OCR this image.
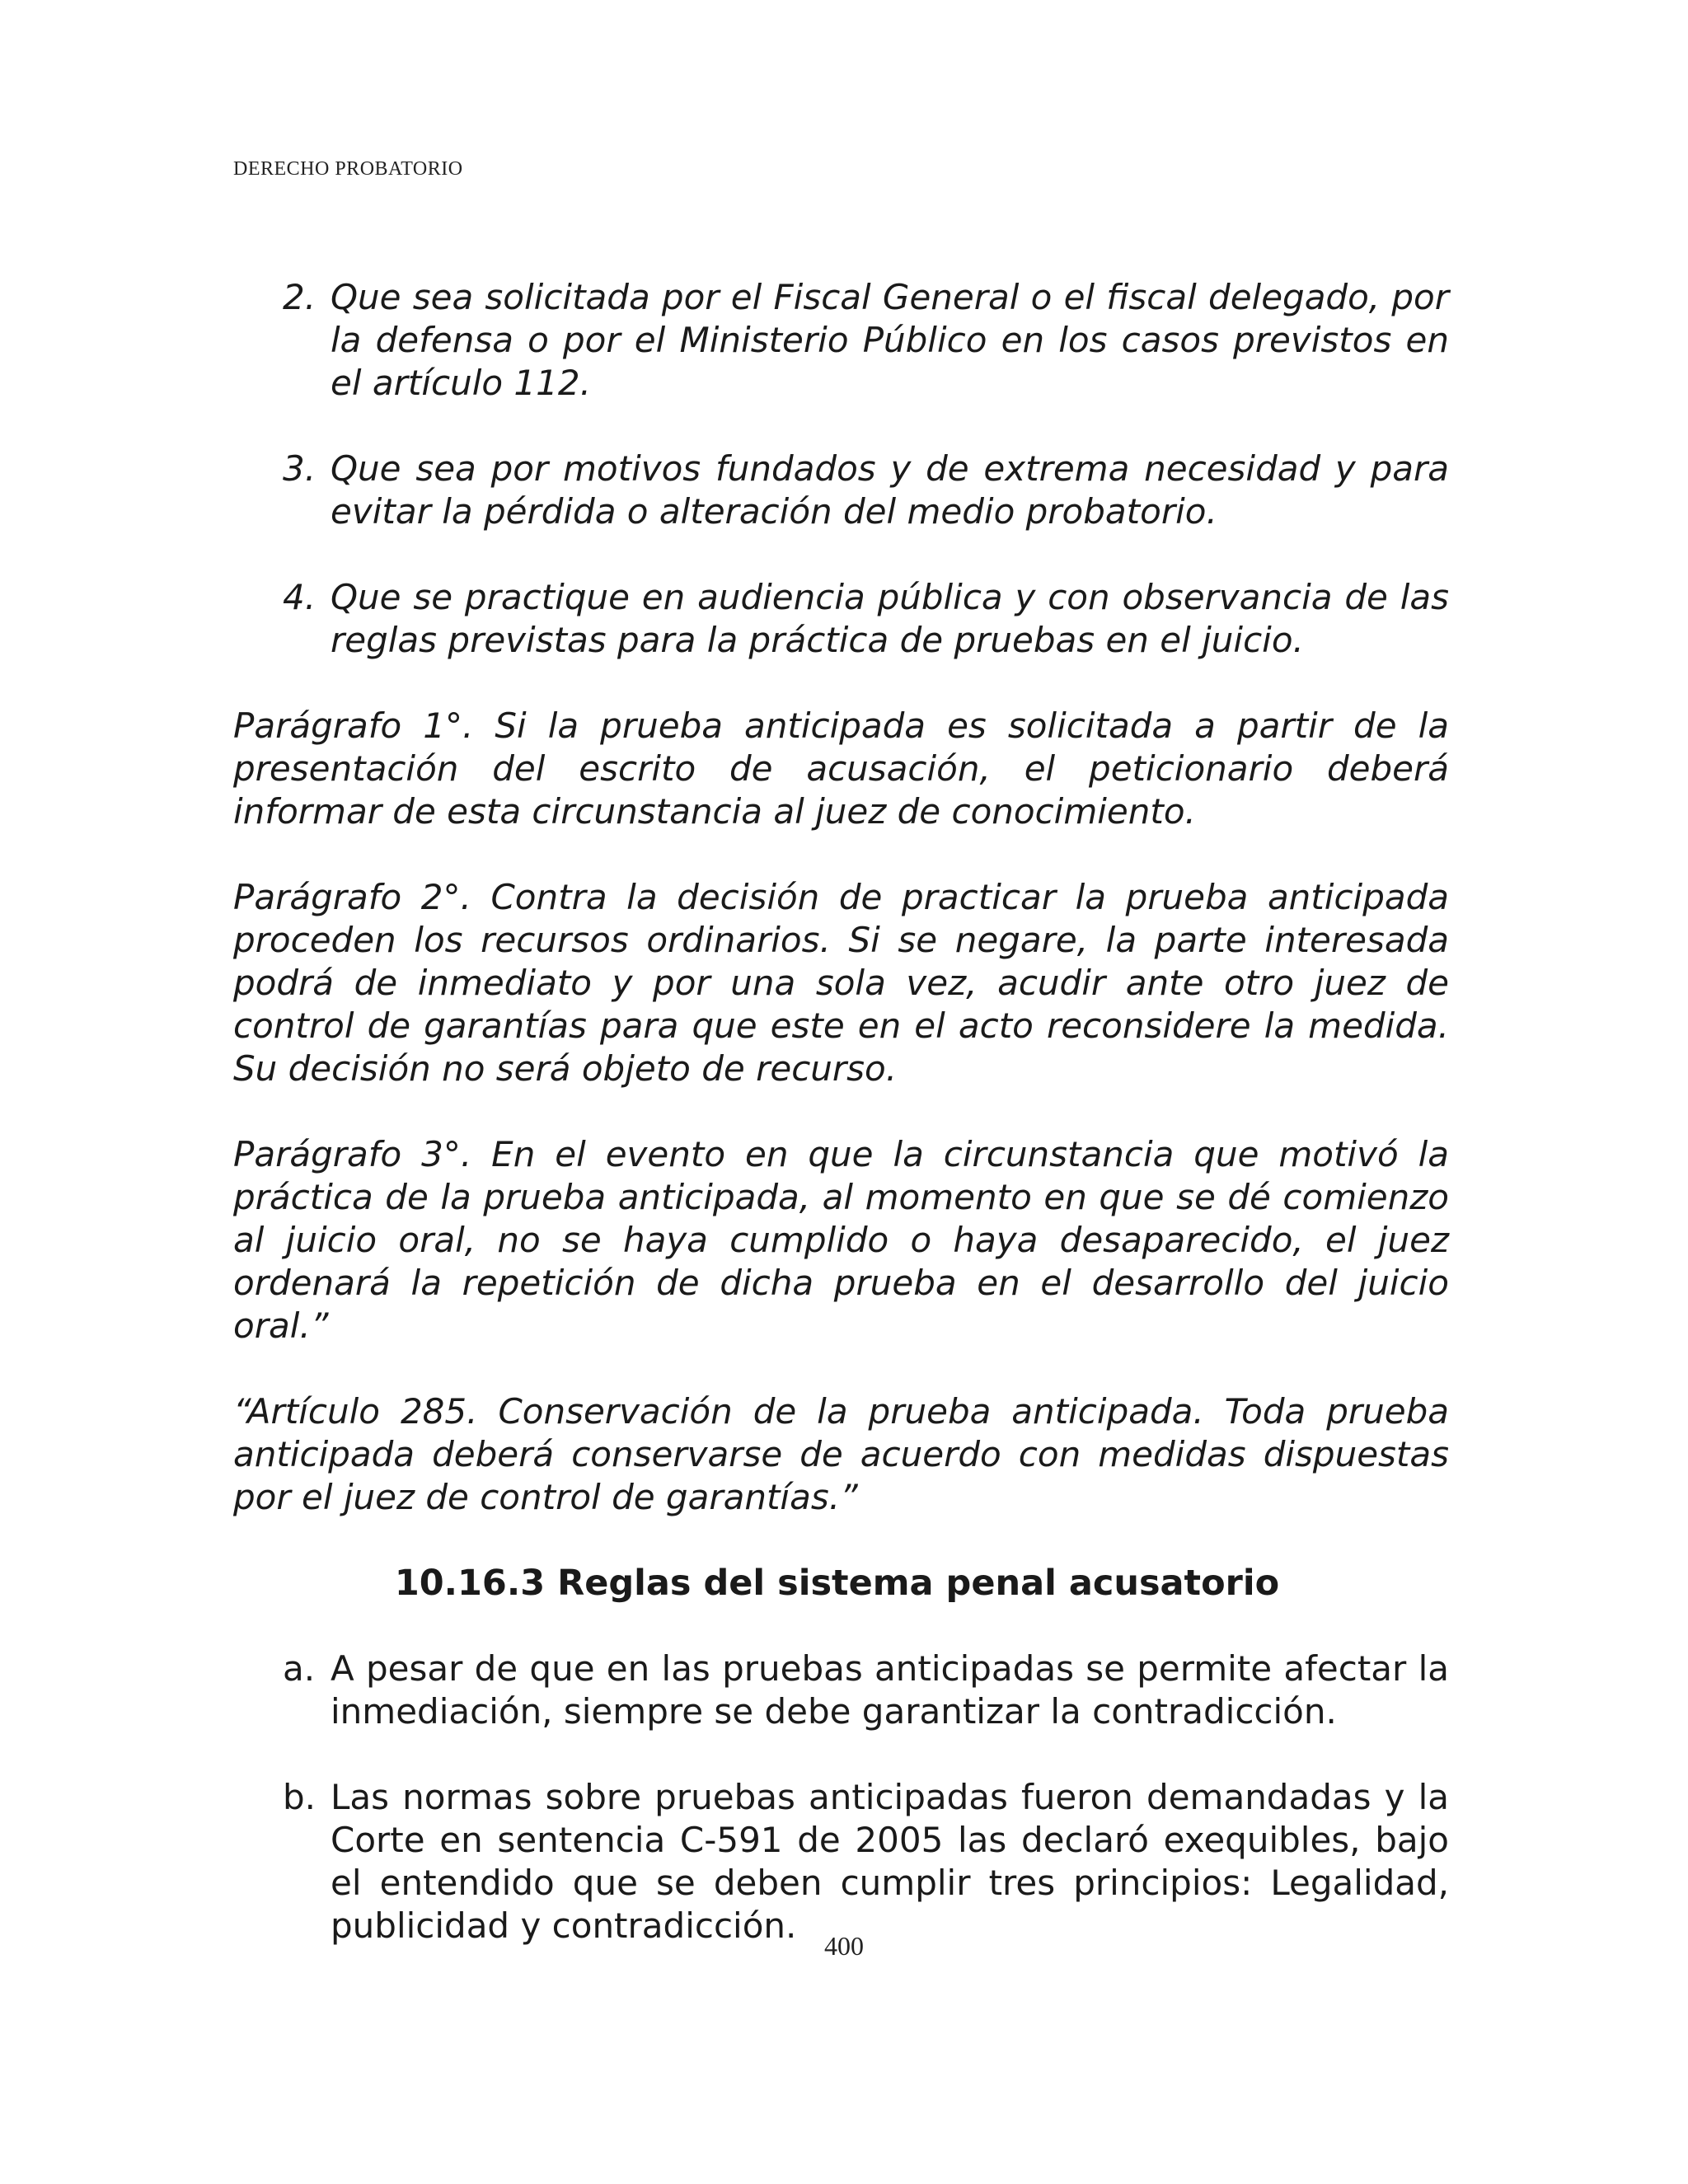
DERECHO PROBATORIO
2. Que sea solicitada por el Fiscal General o el fiscal delegado, por la defensa o por el Ministerio Público en los casos previstos en el artículo 112.
3. Que sea por motivos fundados y de extrema necesidad y para evitar la pérdida o alteración del medio probatorio.
4. Que se practique en audiencia pública y con observancia de las reglas previstas para la práctica de pruebas en el juicio.

Parágrafo 1°. Si la prueba anticipada es solicitada a partir de la presentación del escrito de acusación, el peticionario deberá informar de esta circunstancia al juez de conocimiento.

Parágrafo 2°. Contra la decisión de practicar la prueba anticipada proceden los recursos ordinarios. Si se negare, la parte interesada podrá de inmediato y por una sola vez, acudir ante otro juez de control de garantías para que este en el acto reconsidere la medida. Su decisión no será objeto de recurso.

Parágrafo 3°. En el evento en que la circunstancia que motivó la práctica de la prueba anticipada, al momento en que se dé comienzo al juicio oral, no se haya cumplido o haya desaparecido, el juez ordenará la repetición de dicha prueba en el desarrollo del juicio oral.”

“Artículo 285. Conservación de la prueba anticipada. Toda prueba anticipada deberá conservarse de acuerdo con medidas dispuestas por el juez de control de garantías.”

10.16.3 Reglas del sistema penal acusatorio
a. A pesar de que en las pruebas anticipadas se permite afectar la inmediación, siempre se debe garantizar la contradicción.
b. Las normas sobre pruebas anticipadas fueron demandadas y la Corte en sentencia C-591 de 2005 las declaró exequibles, bajo el entendido que se deben cumplir tres principios: Legalidad, publicidad y contradicción.	400
